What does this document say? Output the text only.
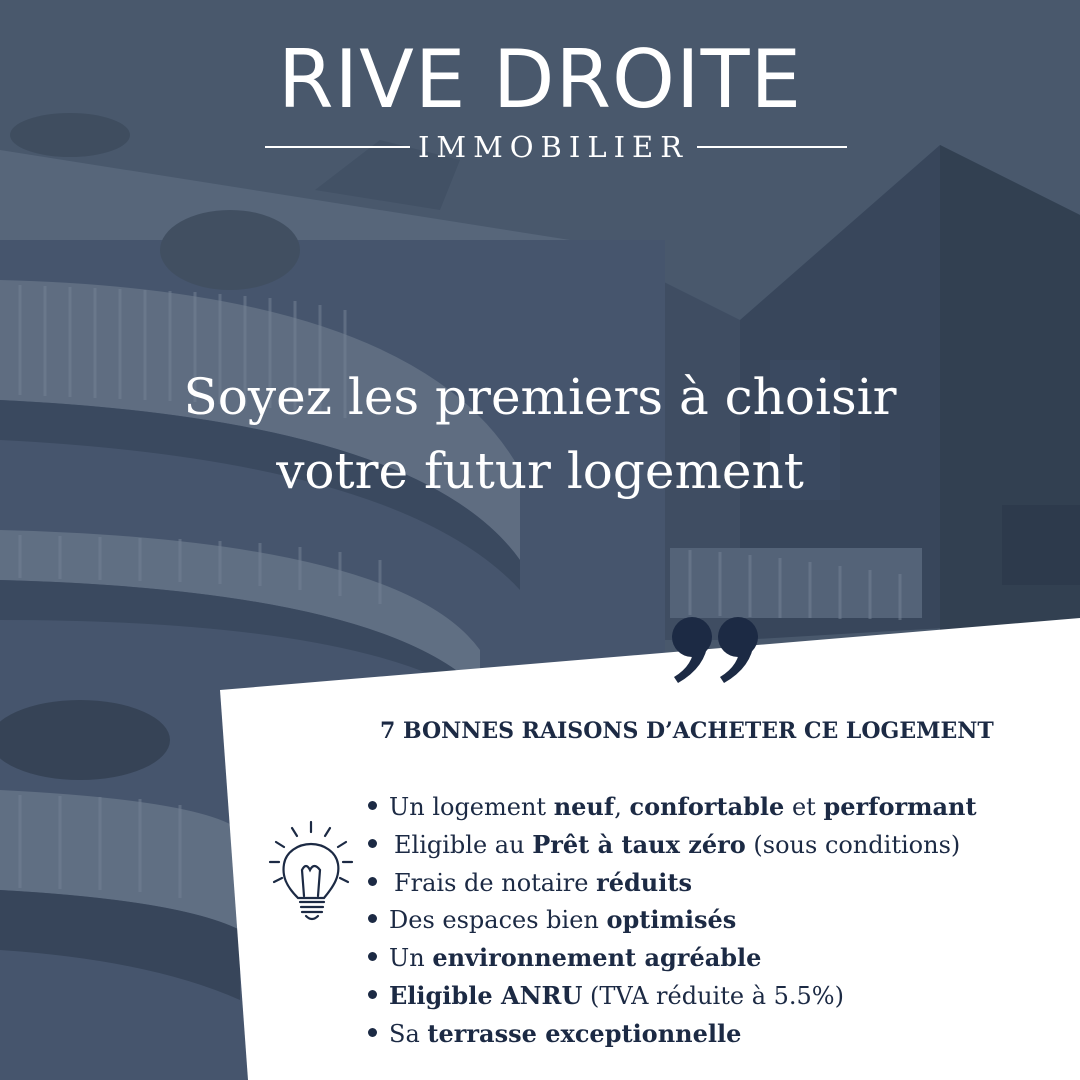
RIVE DROITE
IMMOBILIER
Soyez les premiers à choisir
votre futur logement
7 BONNES RAISONS D’ACHETER CE LOGEMENT
Un logement neuf, confortable et performant
Eligible au Prêt à taux zéro (sous conditions)
Frais de notaire réduits
Des espaces bien optimisés
Un environnement agréable
Eligible ANRU (TVA réduite à 5.5%)
Sa terrasse exceptionnelle
